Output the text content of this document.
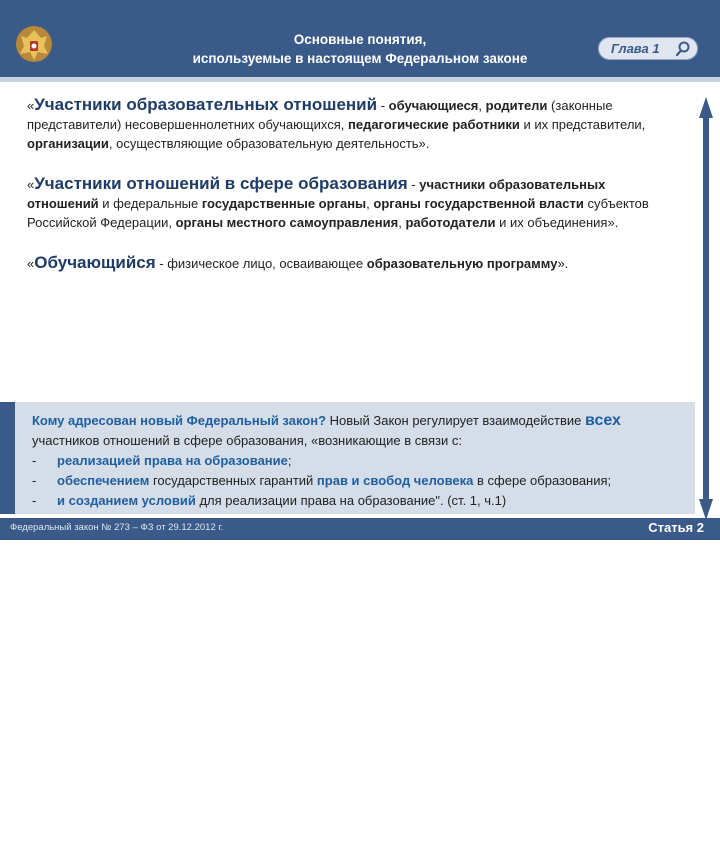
Основные понятия,
используемые в настоящем Федеральном законе
Глава 1

«Участники образовательных отношений - обучающиеся, родители (законные представители) несовершеннолетних обучающихся, педагогические работники и их представители, организации, осуществляющие образовательную деятельность».

«Участники отношений в сфере образования - участники образовательных отношений и федеральные государственные органы, органы государственной власти субъектов Российской Федерации, органы местного самоуправления, работодатели и их объединения».

«Обучающийся - физическое лицо, осваивающее образовательную программу».

Кому адресован новый Федеральный закон? Новый Закон регулирует взаимодействие всех
участников отношений в сфере образования, «возникающие в связи с:
- реализацией права на образование;
- обеспечением государственных гарантий прав и свобод человека в сфере образования;
- и созданием условий для реализации права на образование". (ст. 1, ч.1)
Федеральный закон № 273 – ФЗ от 29.12.2012 г.	Статья 2
